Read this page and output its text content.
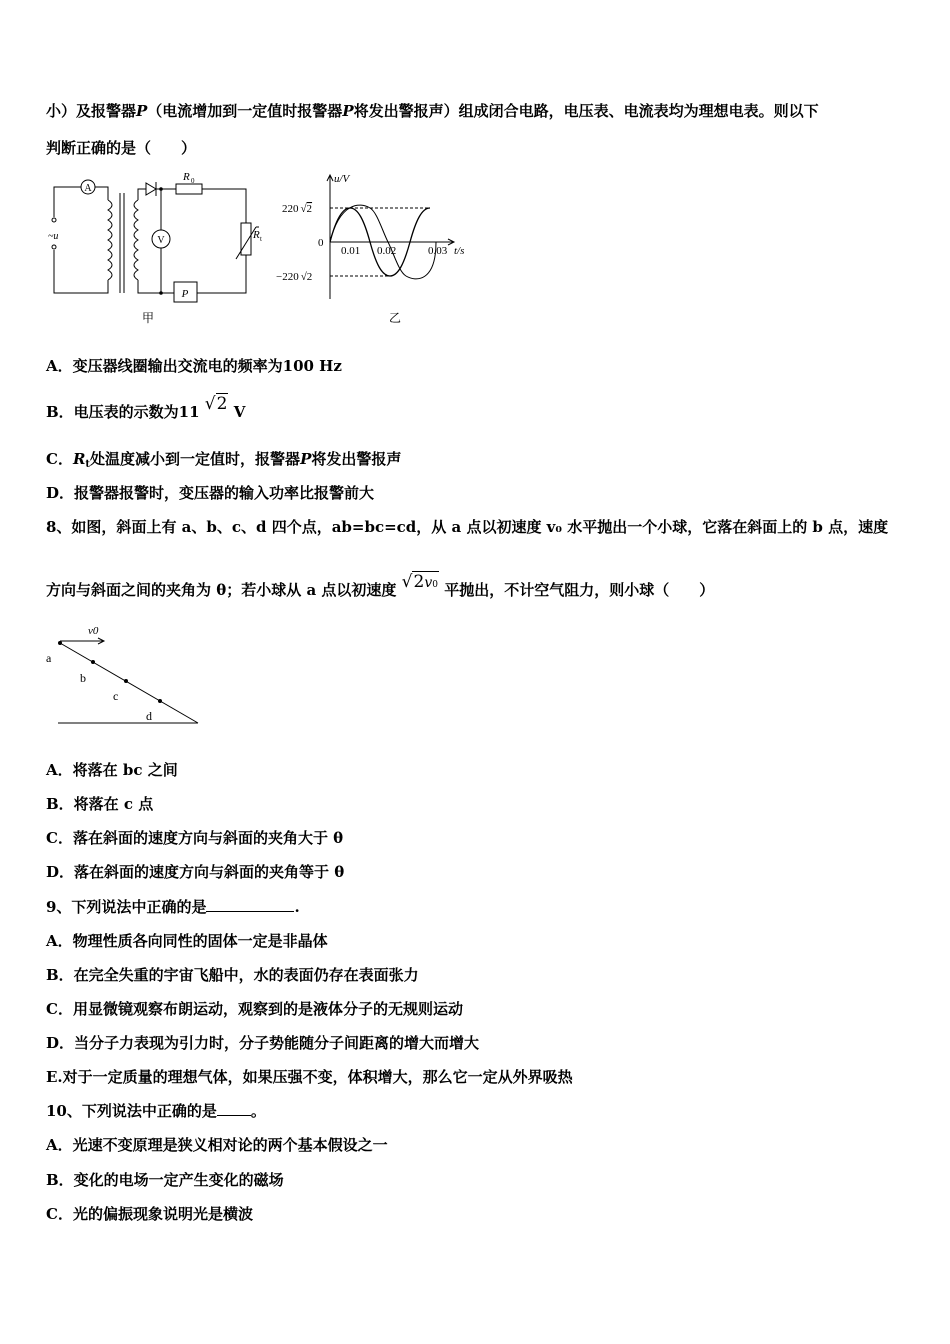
小）及报警器P（电流增加到一定值时报警器P将发出警报声）组成闭合电路，电压表、电流表均为理想电表。则以下
判断正确的是（　　）
A
V
R 0
R t
P
~u
甲
u/V
220 √2
−220 √2
0
0.01 0.02	0.03 t/s
乙
A．变压器线圈输出交流电的频率为100 Hz
B．电压表的示数为11 √2 V
C．$R_t$处温度减小到一定值时，报警器P将发出警报声
D．报警器报警时，变压器的输入功率比报警前大
8、如图，斜面上有 a、b、c、d 四个点，ab=bc=cd，从 a 点以初速度 v₀ 水平抛出一个小球，它落在斜面上的 b 点，速度
方向与斜面之间的夹角为 θ；若小球从 a 点以初速度 √2v0 平抛出，不计空气阻力，则小球（　　）
v0
a
b
c
d
A．将落在 bc 之间
B．将落在 c 点
C．落在斜面的速度方向与斜面的夹角大于 θ
D．落在斜面的速度方向与斜面的夹角等于 θ
9、下列说法中正确的是	.
A．物理性质各向同性的固体一定是非晶体
B．在完全失重的宇宙飞船中，水的表面仍存在表面张力
C．用显微镜观察布朗运动，观察到的是液体分子的无规则运动
D．当分子力表现为引力时，分子势能随分子间距离的增大而增大
E.对于一定质量的理想气体，如果压强不变，体积增大，那么它一定从外界吸热
10、下列说法中正确的是 。
A．光速不变原理是狭义相对论的两个基本假设之一
B．变化的电场一定产生变化的磁场
C．光的偏振现象说明光是横波
